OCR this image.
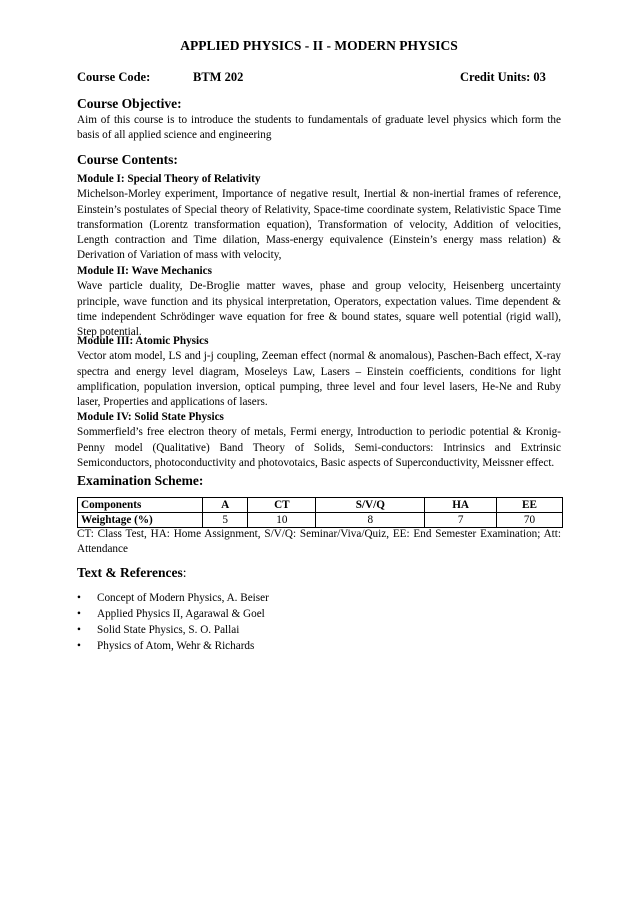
APPLIED PHYSICS - II - MODERN PHYSICS
Course Code:	BTM 202	Credit Units: 03
Course Objective:
Aim of this course is to introduce the students to fundamentals of graduate level physics which form the basis of all applied science and engineering
Course Contents:
Module I: Special Theory of Relativity
Michelson-Morley experiment, Importance of negative result, Inertial & non-inertial frames of reference, Einstein’s postulates of Special theory of Relativity, Space-time coordinate system, Relativistic Space Time transformation (Lorentz transformation equation), Transformation of velocity, Addition of velocities, Length contraction and Time dilation, Mass-energy equivalence (Einstein’s energy mass relation) & Derivation of Variation of mass with velocity,
Module II: Wave Mechanics
Wave particle duality, De-Broglie matter waves, phase and group velocity, Heisenberg uncertainty principle, wave function and its physical interpretation, Operators, expectation values. Time dependent & time independent Schrödinger wave equation for free & bound states, square well potential (rigid wall), Step potential.
Module III: Atomic Physics
Vector atom model, LS and j-j coupling, Zeeman effect (normal & anomalous), Paschen-Bach effect, X-ray spectra and energy level diagram, Moseleys Law, Lasers – Einstein coefficients, conditions for light amplification, population inversion, optical pumping, three level and four level lasers, He-Ne and Ruby laser, Properties and applications of lasers.
Module IV: Solid State Physics
Sommerfield’s free electron theory of metals, Fermi energy, Introduction to periodic potential & Kronig-Penny model (Qualitative) Band Theory of Solids, Semi-conductors: Intrinsics and Extrinsic Semiconductors, photoconductivity and photovotaics, Basic aspects of Superconductivity, Meissner effect.
Examination Scheme:
Components	A	CT	S/V/Q	HA	EE
Weightage (%)	5	10	8	7	70
CT: Class Test, HA: Home Assignment, S/V/Q: Seminar/Viva/Quiz, EE: End Semester Examination; Att: Attendance
Text & References:
• Concept of Modern Physics, A. Beiser
• Applied Physics II, Agarawal & Goel
• Solid State Physics, S. O. Pallai
• Physics of Atom, Wehr & Richards
